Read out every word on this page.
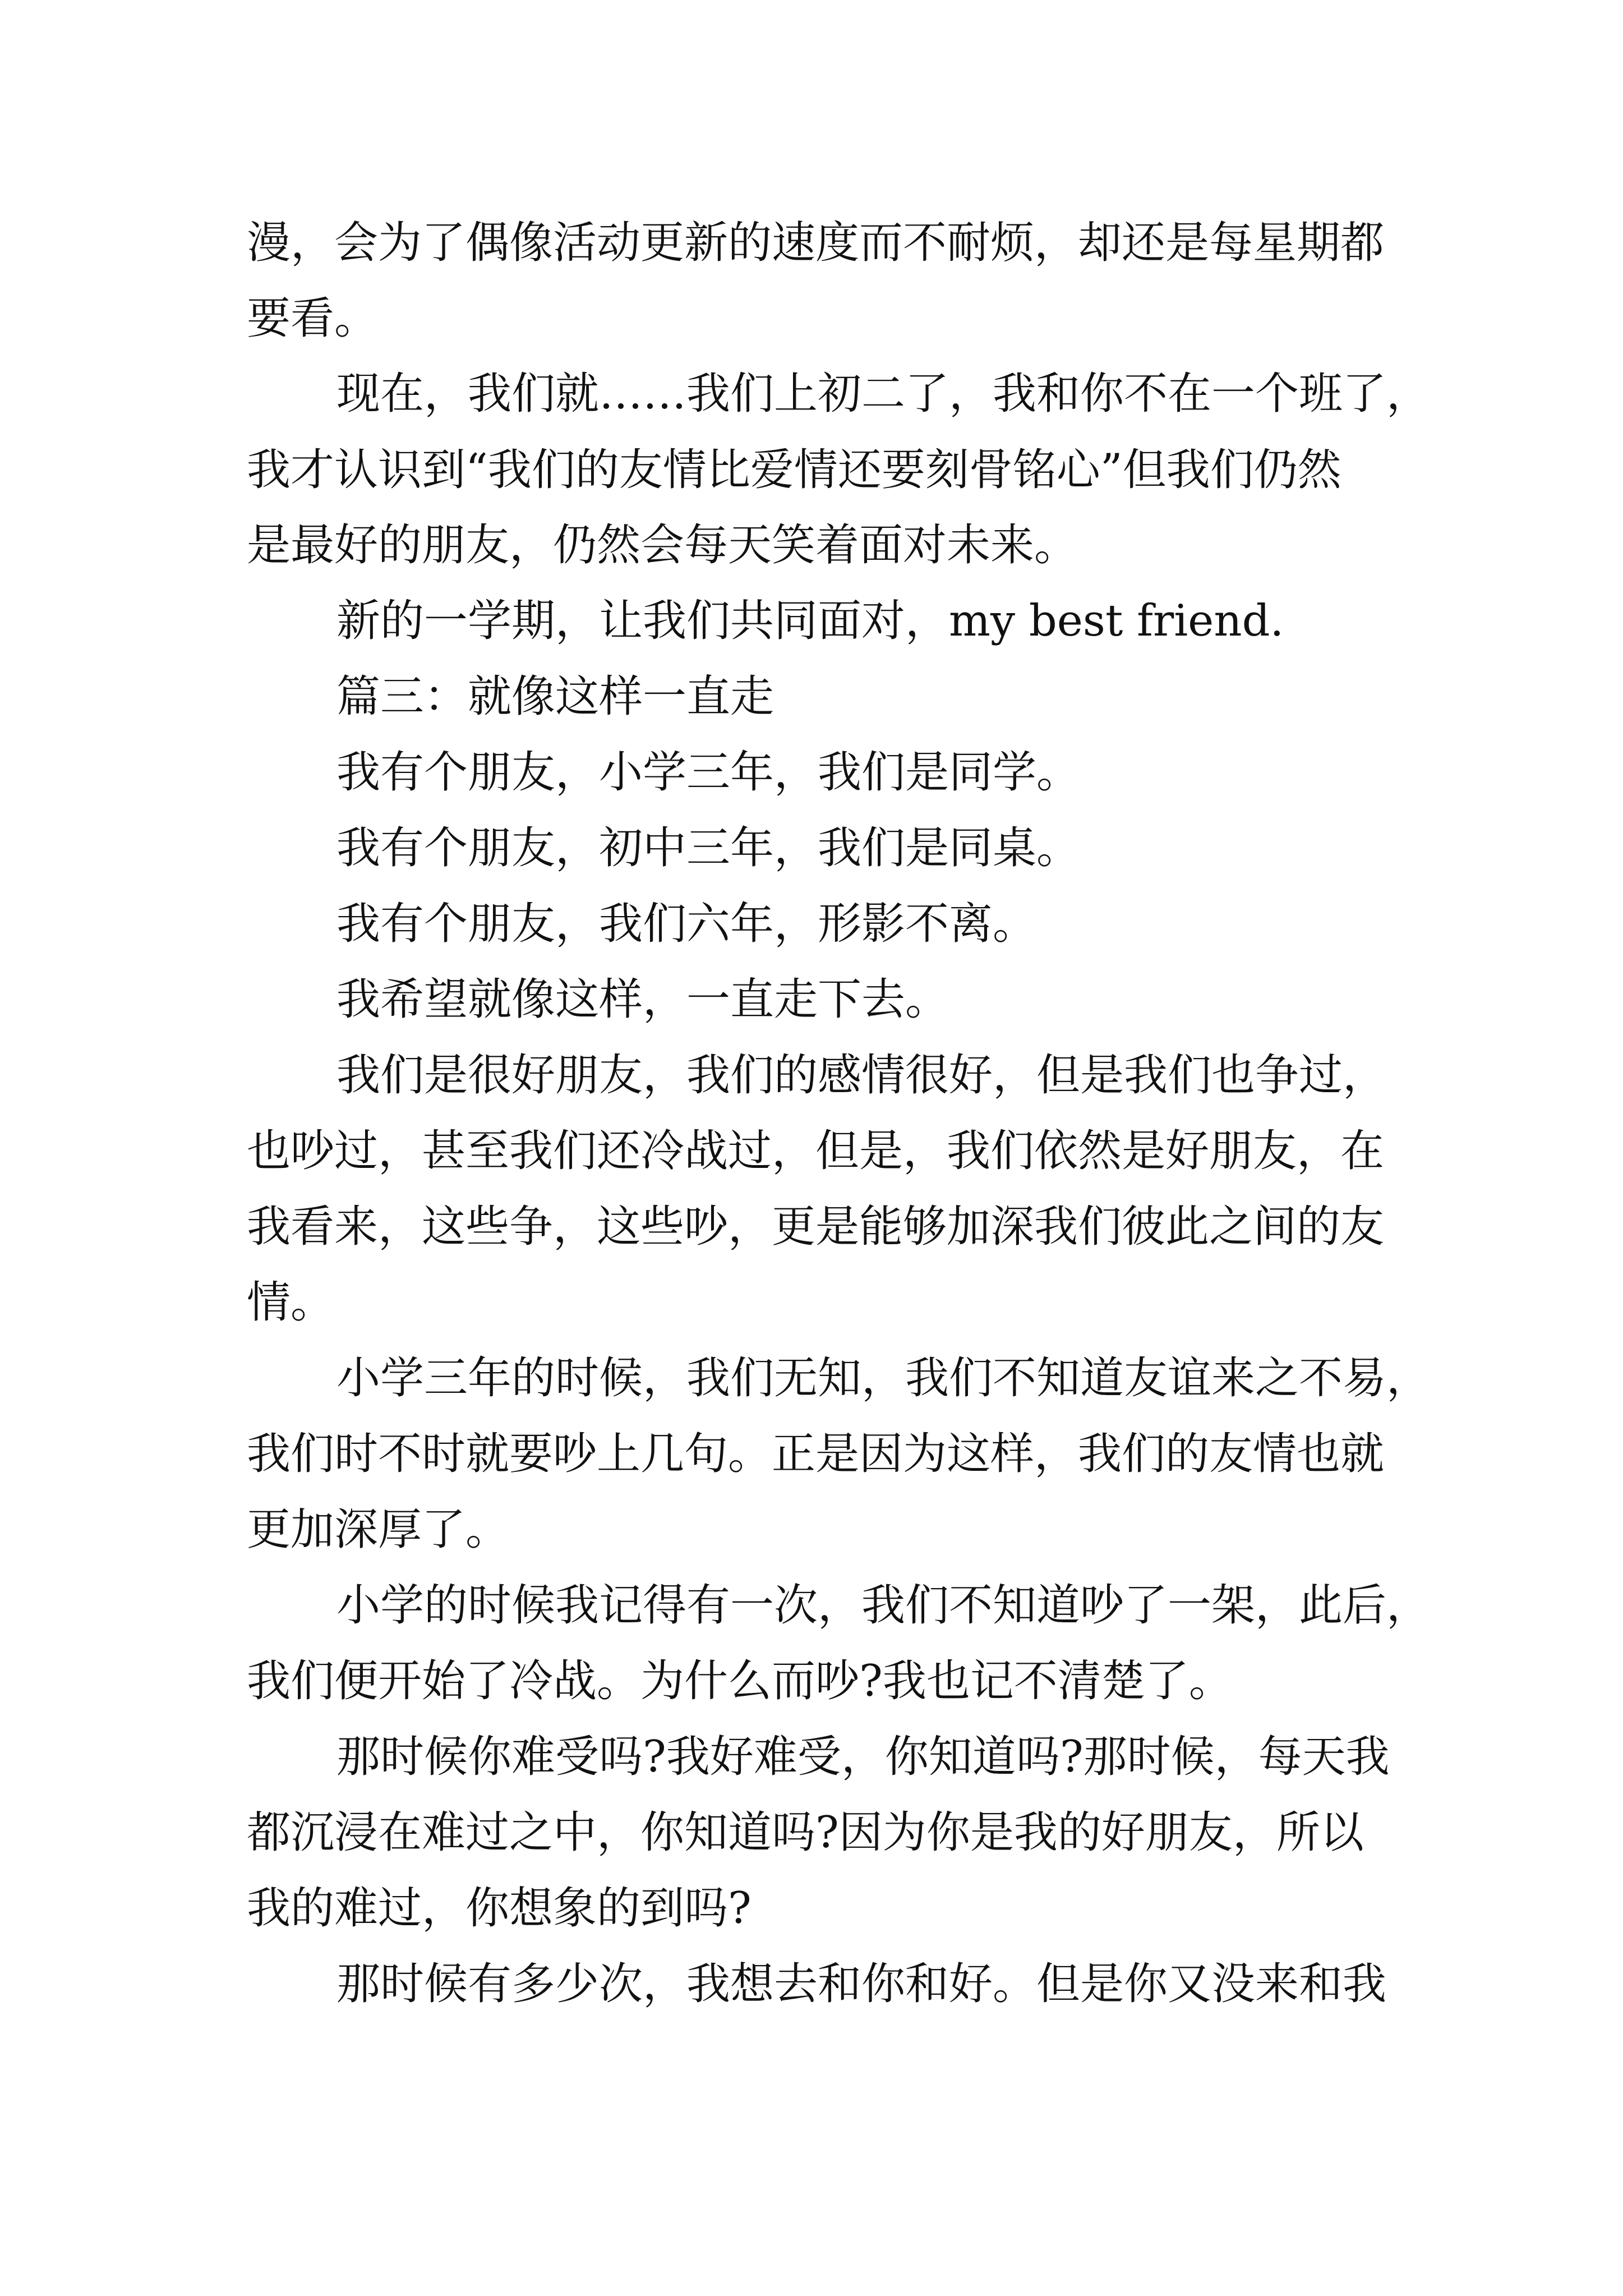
漫，会为了偶像活动更新的速度而不耐烦，却还是每星期都
要看。
现在，我们就……我们上初二了，我和你不在一个班了，
我才认识到“我们的友情比爱情还要刻骨铭心”但我们仍然
是最好的朋友，仍然会每天笑着面对未来。
新的一学期，让我们共同面对，my best friend.
篇三：就像这样一直走
我有个朋友，小学三年，我们是同学。
我有个朋友，初中三年，我们是同桌。
我有个朋友，我们六年，形影不离。
我希望就像这样，一直走下去。
我们是很好朋友，我们的感情很好，但是我们也争过，
也吵过，甚至我们还冷战过，但是，我们依然是好朋友，在
我看来，这些争，这些吵，更是能够加深我们彼此之间的友
情。
小学三年的时候，我们无知，我们不知道友谊来之不易，
我们时不时就要吵上几句。正是因为这样，我们的友情也就
更加深厚了。
小学的时候我记得有一次，我们不知道吵了一架，此后，
我们便开始了冷战。为什么而吵?我也记不清楚了。
那时候你难受吗?我好难受，你知道吗?那时候，每天我
都沉浸在难过之中，你知道吗?因为你是我的好朋友，所以
我的难过，你想象的到吗?
那时候有多少次，我想去和你和好。但是你又没来和我
